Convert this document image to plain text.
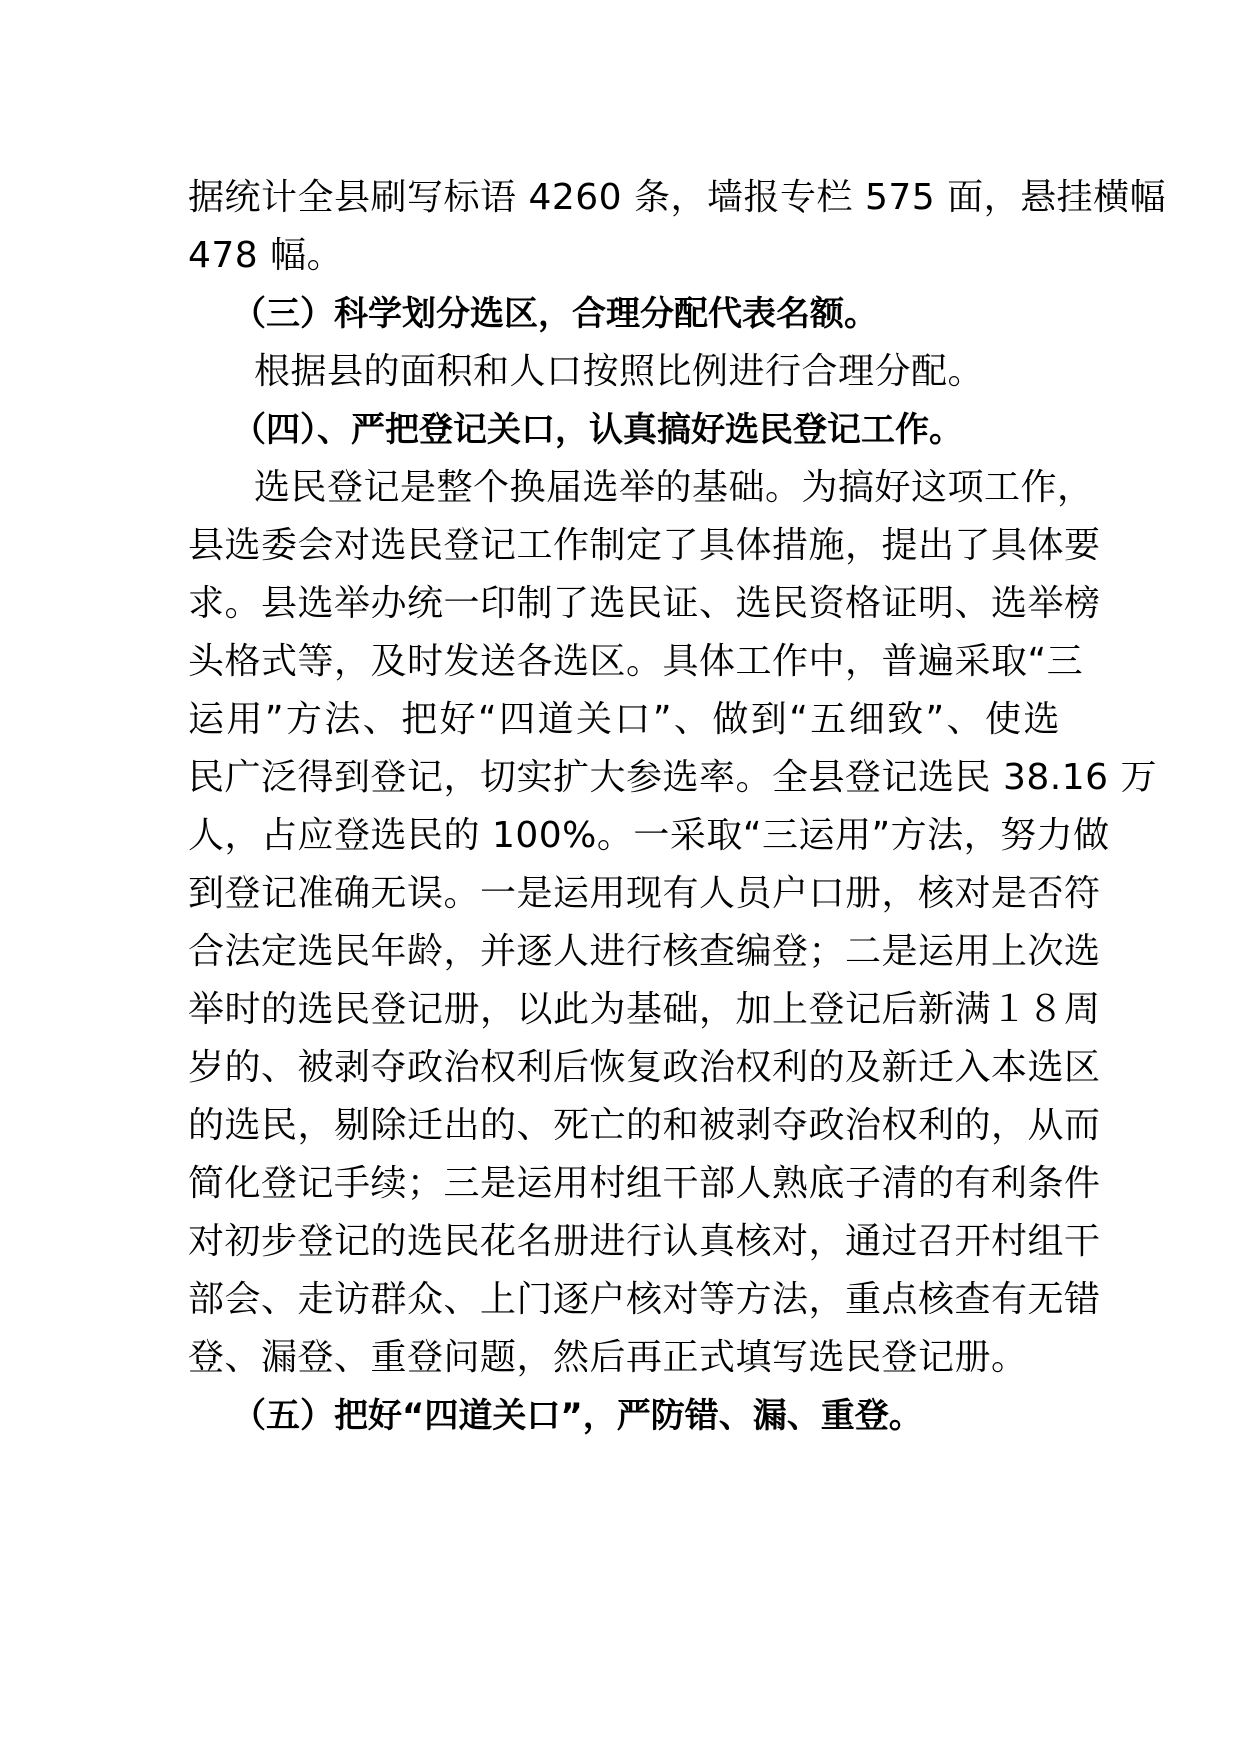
据统计全县刷写标语 4260 条，墙报专栏 575 面，悬挂横幅
478 幅。
（三）科学划分选区，合理分配代表名额。
根据县的面积和人口按照比例进行合理分配。
（四）、严把登记关口，认真搞好选民登记工作。
选民登记是整个换届选举的基础。为搞好这项工作，
县选委会对选民登记工作制定了具体措施，提出了具体要
求。县选举办统一印制了选民证、选民资格证明、选举榜
头格式等，及时发送各选区。具体工作中，普遍采取“三
运用”方法、把好“四道关口”、做到“五细致”、使选
民广泛得到登记，切实扩大参选率。全县登记选民 38.16 万
人，占应登选民的 100%。一采取“三运用”方法，努力做
到登记准确无误。一是运用现有人员户口册，核对是否符
合法定选民年龄，并逐人进行核查编登；二是运用上次选
举时的选民登记册，以此为基础，加上登记后新满１８周
岁的、被剥夺政治权利后恢复政治权利的及新迁入本选区
的选民，剔除迁出的、死亡的和被剥夺政治权利的，从而
简化登记手续；三是运用村组干部人熟底子清的有利条件
对初步登记的选民花名册进行认真核对，通过召开村组干
部会、走访群众、上门逐户核对等方法，重点核查有无错
登、漏登、重登问题，然后再正式填写选民登记册。
（五）把好“四道关口”，严防错、漏、重登。
